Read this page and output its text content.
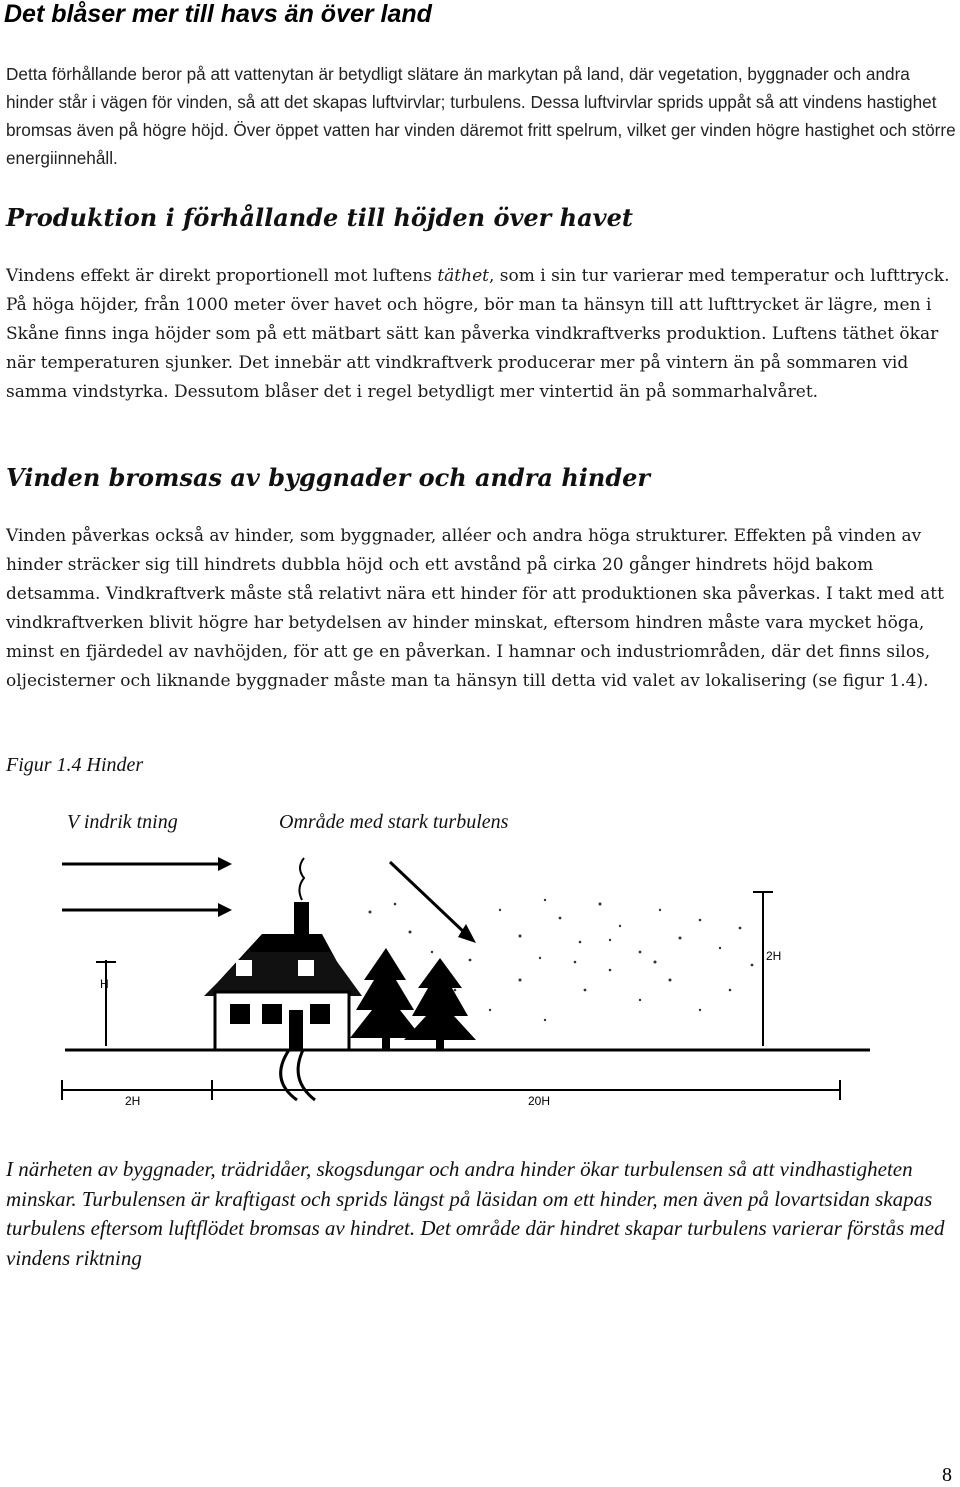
Det blåser mer till havs än över land

Detta förhållande beror på att vattenytan är betydligt slätare än markytan på land, där vegetation, byggnader och andra hinder står i vägen för vinden, så att det skapas luftvirvlar; turbulens. Dessa luftvirvlar sprids uppåt så att vindens hastighet bromsas även på högre höjd. Över öppet vatten har vinden däremot fritt spelrum, vilket ger vinden högre hastighet och större energiinnehåll.

Produktion i förhållande till höjden över havet

Vindens effekt är direkt proportionell mot luftens täthet, som i sin tur varierar med temperatur och lufttryck. På höga höjder, från 1000 meter över havet och högre, bör man ta hänsyn till att lufttrycket är lägre, men i Skåne finns inga höjder som på ett mätbart sätt kan påverka vindkraftverks produktion. Luftens täthet ökar när temperaturen sjunker. Det innebär att vindkraftverk producerar mer på vintern än på sommaren vid samma vindstyrka. Dessutom blåser det i regel betydligt mer vintertid än på sommarhalvåret.

Vinden bromsas av byggnader och andra hinder

Vinden påverkas också av hinder, som byggnader, alléer och andra höga strukturer. Effekten på vinden av hinder sträcker sig till hindrets dubbla höjd och ett avstånd på cirka 20 gånger hindrets höjd bakom detsamma. Vindkraftverk måste stå relativt nära ett hinder för att produktionen ska påverkas. I takt med att vindkraftverken blivit högre har betydelsen av hinder minskat, eftersom hindren måste vara mycket höga, minst en fjärdedel av navhöjden, för att ge en påverkan. I hamnar och industriområden, där det finns silos, oljecisterner och liknande byggnader måste man ta hänsyn till detta vid valet av lokalisering (se figur 1.4).

Figur 1.4 Hinder
V indrik tning	Område med stark turbulens
H
2H
2H	20H

I närheten av byggnader, trädridåer, skogsdungar och andra hinder ökar turbulensen så att vindhastigheten minskar. Turbulensen är kraftigast och sprids längst på läsidan om ett hinder, men även på lovartsidan skapas turbulens eftersom luftflödet bromsas av hindret. Det område där hindret skapar turbulens varierar förstås med vindens riktning

8
